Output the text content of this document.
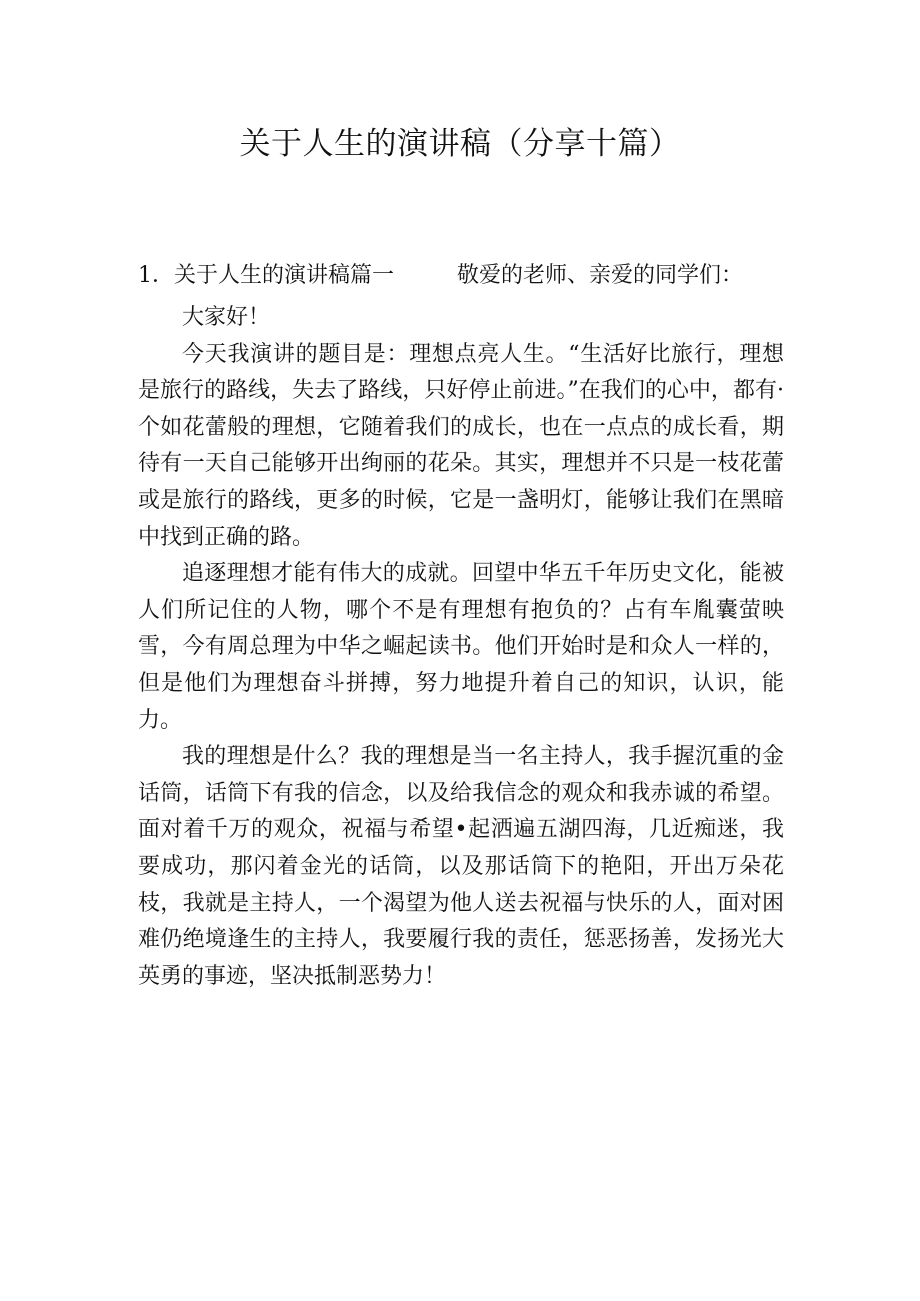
关于人生的演讲稿（分享十篇）
1．关于人生的演讲稿篇一	敬爱的老师、亲爱的同学们：

大家好！

今天我演讲的题目是：理想点亮人生。“生活好比旅行，理想是旅行的路线，失去了路线，只好停止前进。”在我们的心中，都有·个如花蕾般的理想，它随着我们的成长，也在一点点的成长看，期待有一天自己能够开出绚丽的花朵。其实，理想并不只是一枝花蕾或是旅行的路线，更多的时候，它是一盏明灯，能够让我们在黑暗中找到正确的路。

追逐理想才能有伟大的成就。回望中华五千年历史文化，能被人们所记住的人物，哪个不是有理想有抱负的？占有车胤囊萤映雪，今有周总理为中华之崛起读书。他们开始时是和众人一样的，但是他们为理想奋斗拼搏，努力地提升着自己的知识，认识，能力。

我的理想是什么？我的理想是当一名主持人，我手握沉重的金话筒，话筒下有我的信念，以及给我信念的观众和我赤诚的希望。面对着千万的观众，祝福与希望•起洒遍五湖四海，几近痴迷，我要成功，那闪着金光的话筒，以及那话筒下的艳阳，开出万朵花枝，我就是主持人，一个渴望为他人送去祝福与快乐的人，面对困难仍绝境逢生的主持人，我要履行我的责任，惩恶扬善，发扬光大英勇的事迹，坚决抵制恶势力！
